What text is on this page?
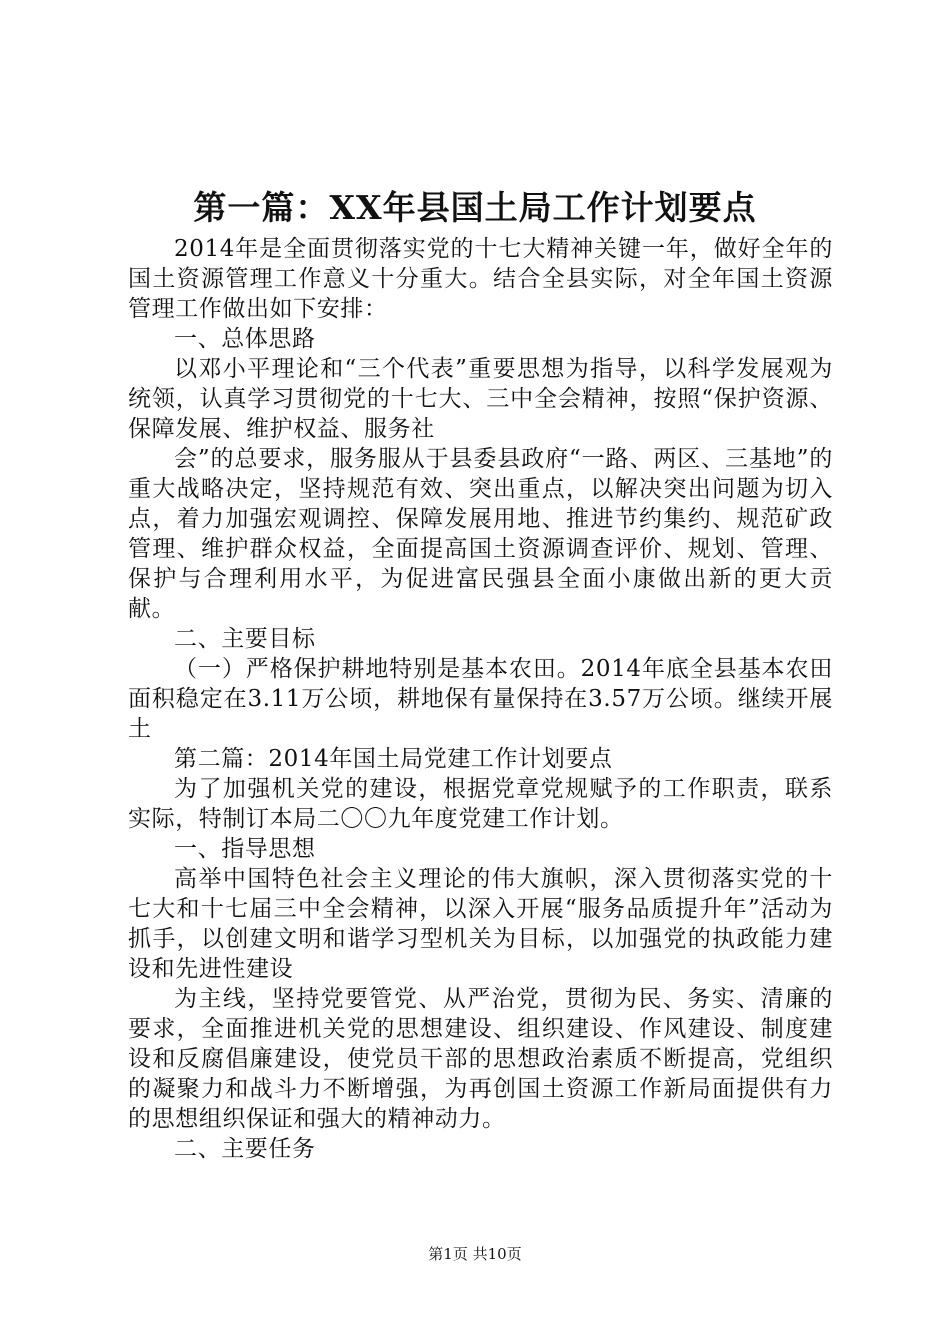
第一篇：XX年县国土局工作计划要点

2014年是全面贯彻落实党的十七大精神关键一年，做好全年的国土资源管理工作意义十分重大。结合全县实际，对全年国土资源管理工作做出如下安排：

一、总体思路

以邓小平理论和“三个代表”重要思想为指导，以科学发展观为统领，认真学习贯彻党的十七大、三中全会精神，按照“保护资源、保障发展、维护权益、服务社

会”的总要求，服务服从于县委县政府“一路、两区、三基地”的重大战略决定，坚持规范有效、突出重点，以解决突出问题为切入点，着力加强宏观调控、保障发展用地、推进节约集约、规范矿政管理、维护群众权益，全面提高国土资源调查评价、规划、管理、保护与合理利用水平，为促进富民强县全面小康做出新的更大贡献。

二、主要目标

（一）严格保护耕地特别是基本农田。2014年底全县基本农田面积稳定在3.11万公顷，耕地保有量保持在3.57万公顷。继续开展土

第二篇：2014年国土局党建工作计划要点

为了加强机关党的建设，根据党章党规赋予的工作职责，联系实际，特制订本局二〇〇九年度党建工作计划。

一、指导思想

高举中国特色社会主义理论的伟大旗帜，深入贯彻落实党的十七大和十七届三中全会精神，以深入开展“服务品质提升年”活动为抓手，以创建文明和谐学习型机关为目标，以加强党的执政能力建设和先进性建设

为主线，坚持党要管党、从严治党，贯彻为民、务实、清廉的要求，全面推进机关党的思想建设、组织建设、作风建设、制度建设和反腐倡廉建设，使党员干部的思想政治素质不断提高，党组织的凝聚力和战斗力不断增强，为再创国土资源工作新局面提供有力的思想组织保证和强大的精神动力。

二、主要任务

第1页 共10页
